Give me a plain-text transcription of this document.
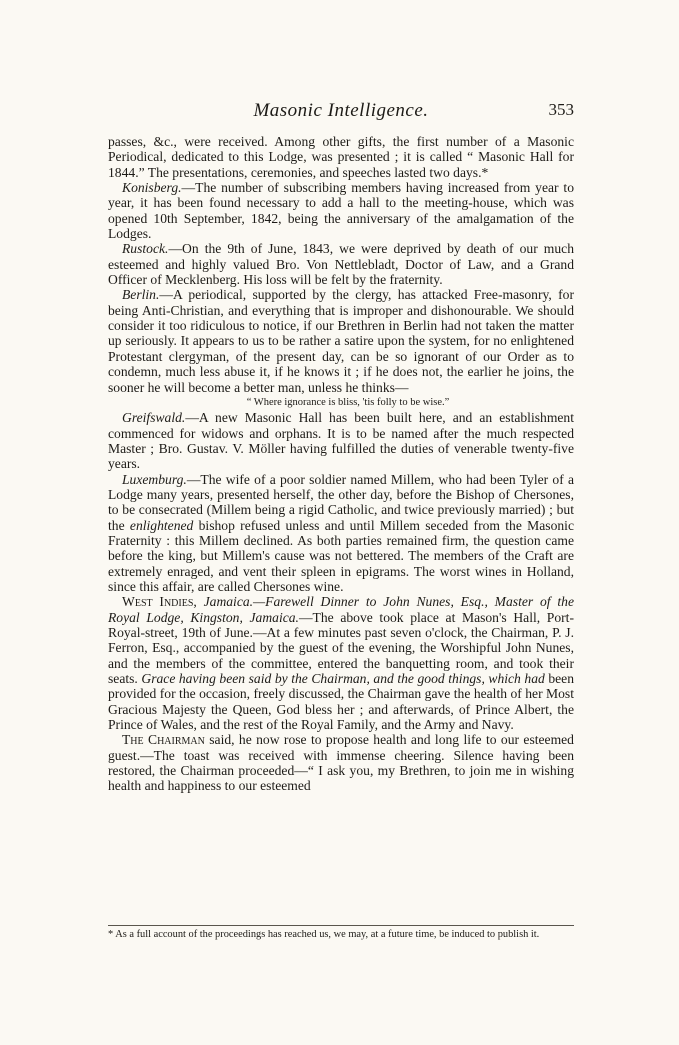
Masonic Intelligence.	353

passes, &c., were received. Among other gifts, the first number of a Masonic Periodical, dedicated to this Lodge, was presented ; it is called “ Masonic Hall for 1844.” The presentations, ceremonies, and speeches lasted two days.*

Konisberg.—The number of subscribing members having increased from year to year, it has been found necessary to add a hall to the meeting-house, which was opened 10th September, 1842, being the anniversary of the amalgamation of the Lodges.

Rustock.—On the 9th of June, 1843, we were deprived by death of our much esteemed and highly valued Bro. Von Nettlebladt, Doctor of Law, and a Grand Officer of Mecklenberg. His loss will be felt by the fraternity.

Berlin.—A periodical, supported by the clergy, has attacked Free-masonry, for being Anti-Christian, and everything that is improper and dishonourable. We should consider it too ridiculous to notice, if our Brethren in Berlin had not taken the matter up seriously. It appears to us to be rather a satire upon the system, for no enlightened Protestant clergyman, of the present day, can be so ignorant of our Order as to condemn, much less abuse it, if he knows it ; if he does not, the earlier he joins, the sooner he will become a better man, unless he thinks—

“ Where ignorance is bliss, 'tis folly to be wise.”

Greifswald.—A new Masonic Hall has been built here, and an establishment commenced for widows and orphans. It is to be named after the much respected Master ; Bro. Gustav. V. Möller having fulfilled the duties of venerable twenty-five years.

Luxemburg.—The wife of a poor soldier named Millem, who had been Tyler of a Lodge many years, presented herself, the other day, before the Bishop of Chersones, to be consecrated (Millem being a rigid Catholic, and twice previously married) ; but the enlightened bishop refused unless and until Millem seceded from the Masonic Fraternity : this Millem declined. As both parties remained firm, the question came before the king, but Millem's cause was not bettered. The members of the Craft are extremely enraged, and vent their spleen in epigrams. The worst wines in Holland, since this affair, are called Chersones wine.

West Indies, Jamaica.—Farewell Dinner to John Nunes, Esq., Master of the Royal Lodge, Kingston, Jamaica.—The above took place at Mason's Hall, Port-Royal-street, 19th of June.—At a few minutes past seven o'clock, the Chairman, P. J. Ferron, Esq., accompanied by the guest of the evening, the Worshipful John Nunes, and the members of the committee, entered the banquetting room, and took their seats. Grace having been said by the Chairman, and the good things, which had been provided for the occasion, freely discussed, the Chairman gave the health of her Most Gracious Majesty the Queen, God bless her ; and afterwards, of Prince Albert, the Prince of Wales, and the rest of the Royal Family, and the Army and Navy.

The Chairman said, he now rose to propose health and long life to our esteemed guest.—The toast was received with immense cheering. Silence having been restored, the Chairman proceeded—“ I ask you, my Brethren, to join me in wishing health and happiness to our esteemed

* As a full account of the proceedings has reached us, we may, at a future time, be induced to publish it.
